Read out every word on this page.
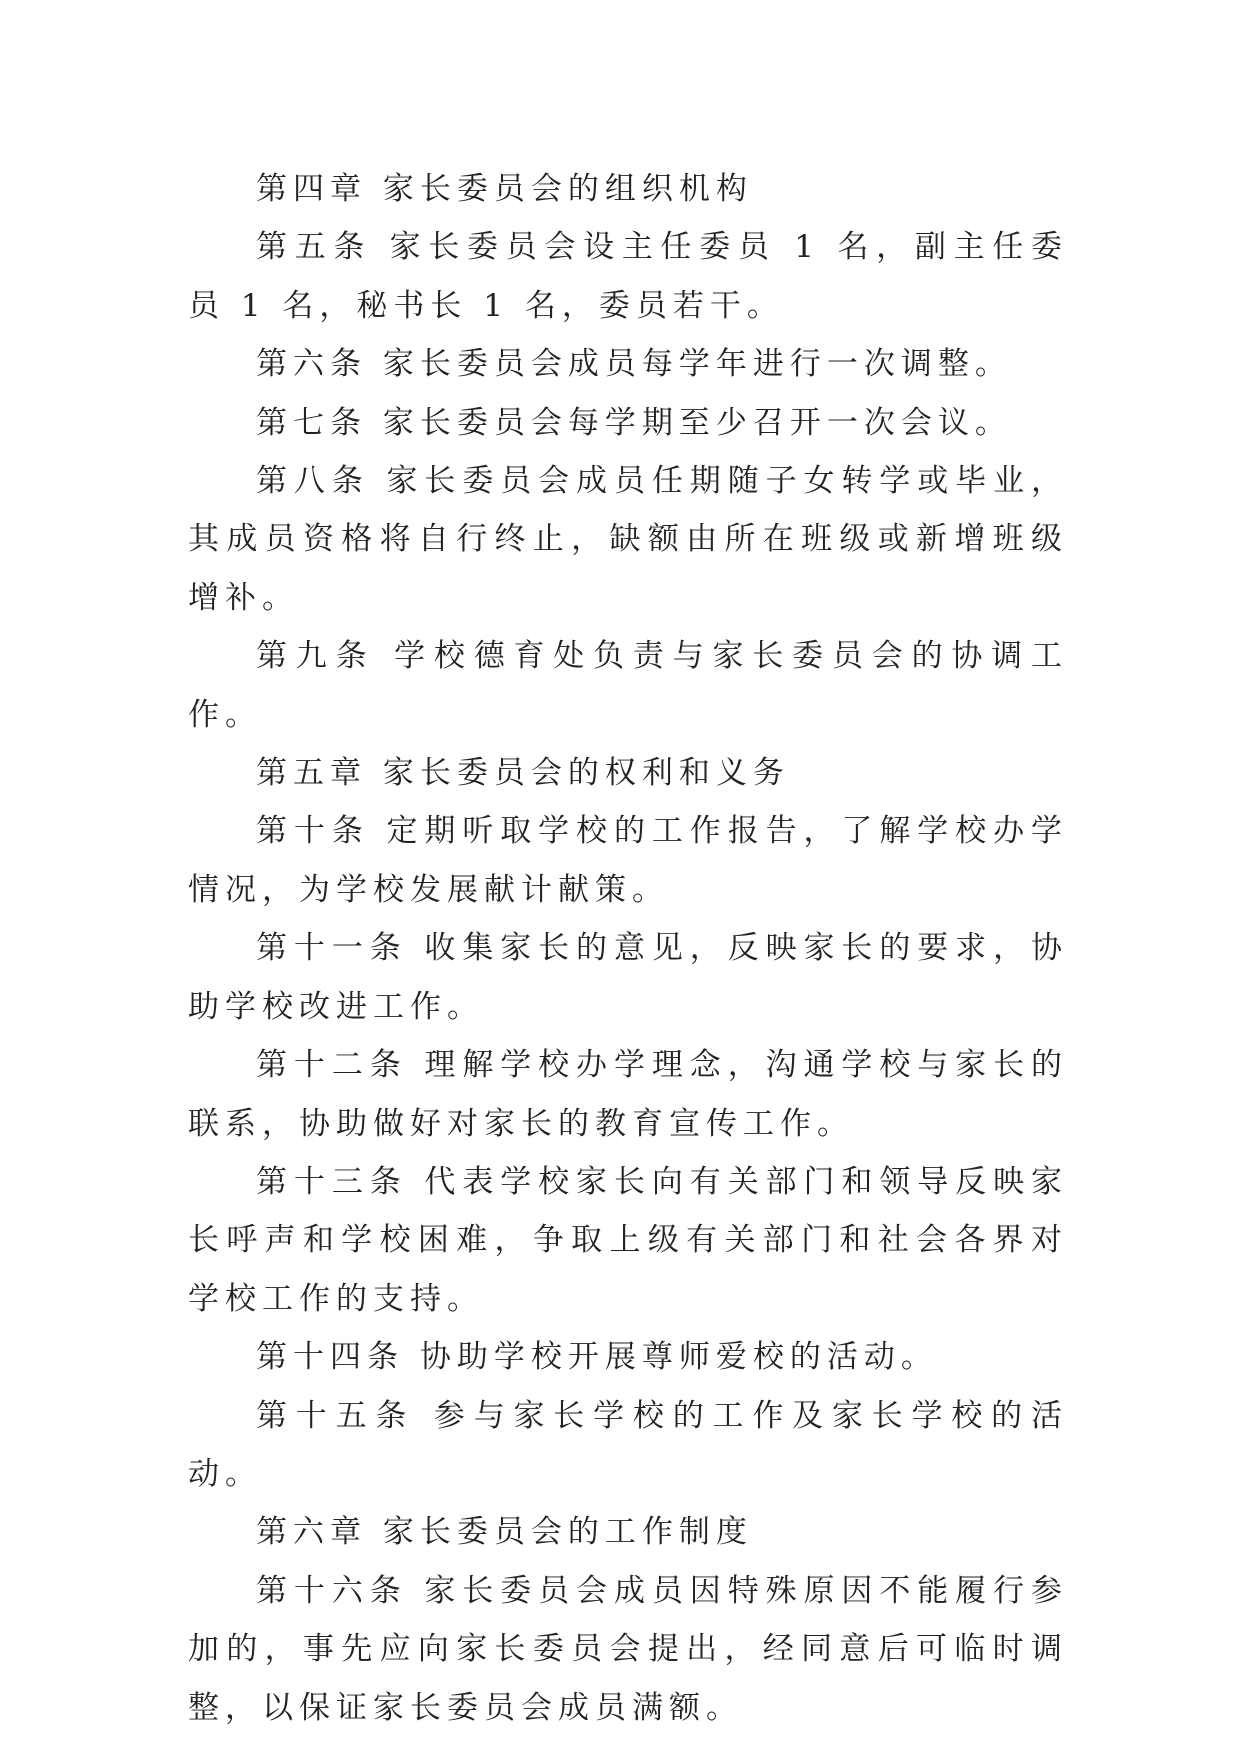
第四章 家长委员会的组织机构

第五条 家长委员会设主任委员 1 名，副主任委员 1 名，秘书长 1 名，委员若干。

第六条 家长委员会成员每学年进行一次调整。

第七条 家长委员会每学期至少召开一次会议。

第八条 家长委员会成员任期随子女转学或毕业，其成员资格将自行终止，缺额由所在班级或新增班级增补。

第九条 学校德育处负责与家长委员会的协调工作。

第五章 家长委员会的权利和义务

第十条 定期听取学校的工作报告，了解学校办学情况，为学校发展献计献策。

第十一条 收集家长的意见，反映家长的要求，协助学校改进工作。

第十二条 理解学校办学理念，沟通学校与家长的联系，协助做好对家长的教育宣传工作。

第十三条 代表学校家长向有关部门和领导反映家长呼声和学校困难，争取上级有关部门和社会各界对学校工作的支持。

第十四条 协助学校开展尊师爱校的活动。

第十五条 参与家长学校的工作及家长学校的活动。

第六章 家长委员会的工作制度

第十六条 家长委员会成员因特殊原因不能履行参加的，事先应向家长委员会提出，经同意后可临时调整，以保证家长委员会成员满额。
